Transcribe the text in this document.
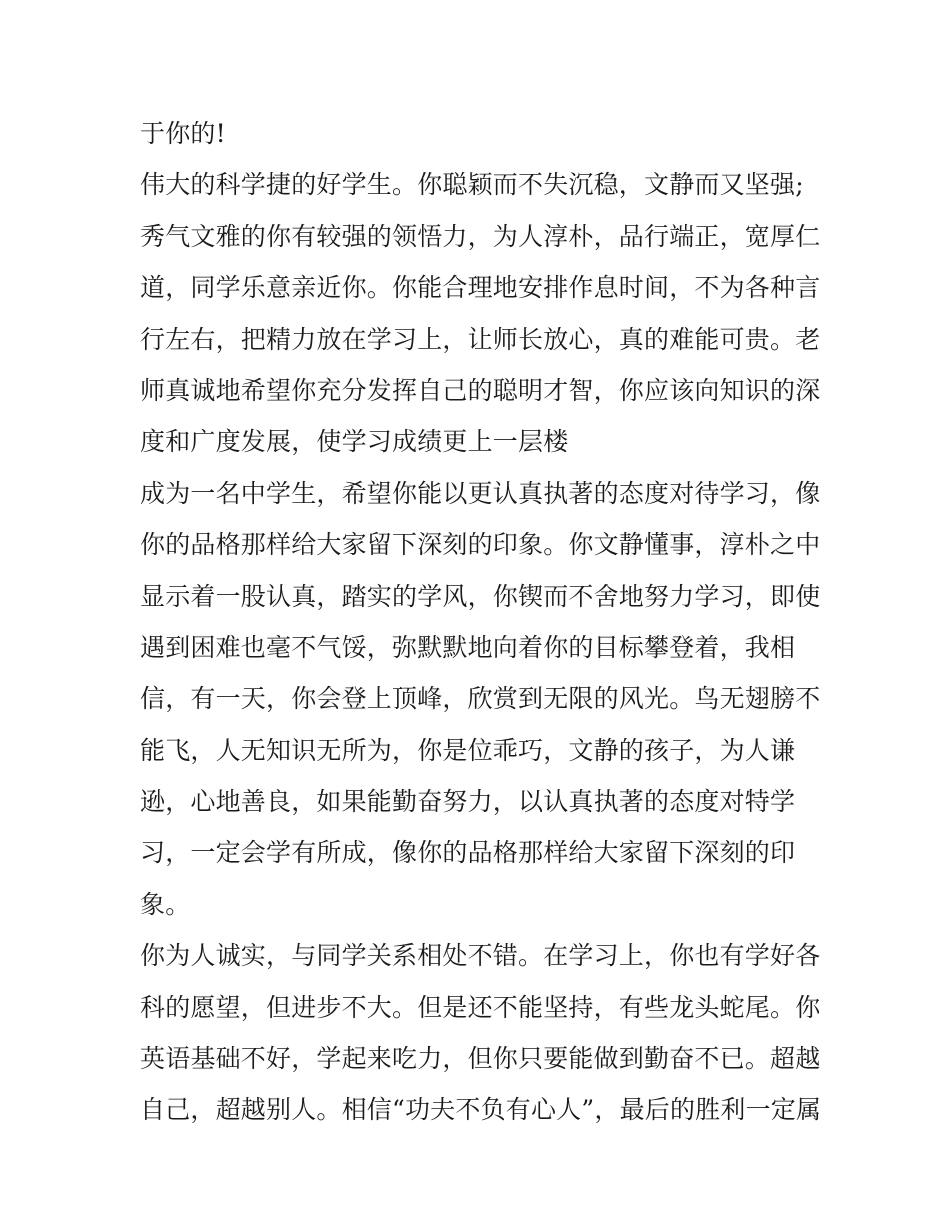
于你的!
伟大的科学捷的好学生。你聪颖而不失沉稳，文静而又坚强;
秀气文雅的你有较强的领悟力，为人淳朴，品行端正，宽厚仁
道，同学乐意亲近你。你能合理地安排作息时间，不为各种言
行左右，把精力放在学习上，让师长放心，真的难能可贵。老
师真诚地希望你充分发挥自己的聪明才智，你应该向知识的深
度和广度发展，使学习成绩更上一层楼
成为一名中学生，希望你能以更认真执著的态度对待学习，像
你的品格那样给大家留下深刻的印象。你文静懂事，淳朴之中
显示着一股认真，踏实的学风，你锲而不舍地努力学习，即使
遇到困难也毫不气馁，弥默默地向着你的目标攀登着，我相
信，有一天，你会登上顶峰，欣赏到无限的风光。鸟无翅膀不
能飞，人无知识无所为，你是位乖巧，文静的孩子，为人谦
逊，心地善良，如果能勤奋努力，以认真执著的态度对特学
习，一定会学有所成，像你的品格那样给大家留下深刻的印
象。
你为人诚实，与同学关系相处不错。在学习上，你也有学好各
科的愿望，但进步不大。但是还不能坚持，有些龙头蛇尾。你
英语基础不好，学起来吃力，但你只要能做到勤奋不已。超越
自己，超越别人。相信“功夫不负有心人”，最后的胜利一定属
